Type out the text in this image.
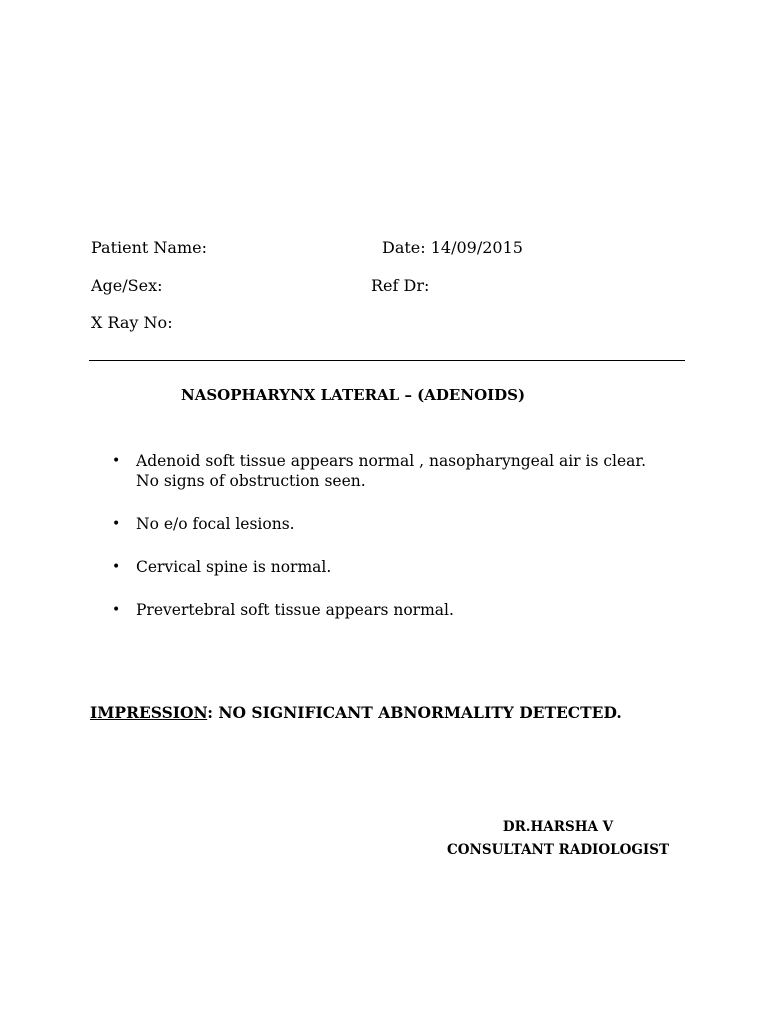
Patient Name:	Date: 14/09/2015
Age/Sex:	Ref Dr:
X Ray No:
NASOPHARYNX LATERAL – (ADENOIDS)
• Adenoid soft tissue appears normal , nasopharyngeal air is clear.
No signs of obstruction seen.
• No e/o focal lesions.
• Cervical spine is normal.
• Prevertebral soft tissue appears normal.
IMPRESSION: NO SIGNIFICANT ABNORMALITY DETECTED.
DR.HARSHA V
CONSULTANT RADIOLOGIST
